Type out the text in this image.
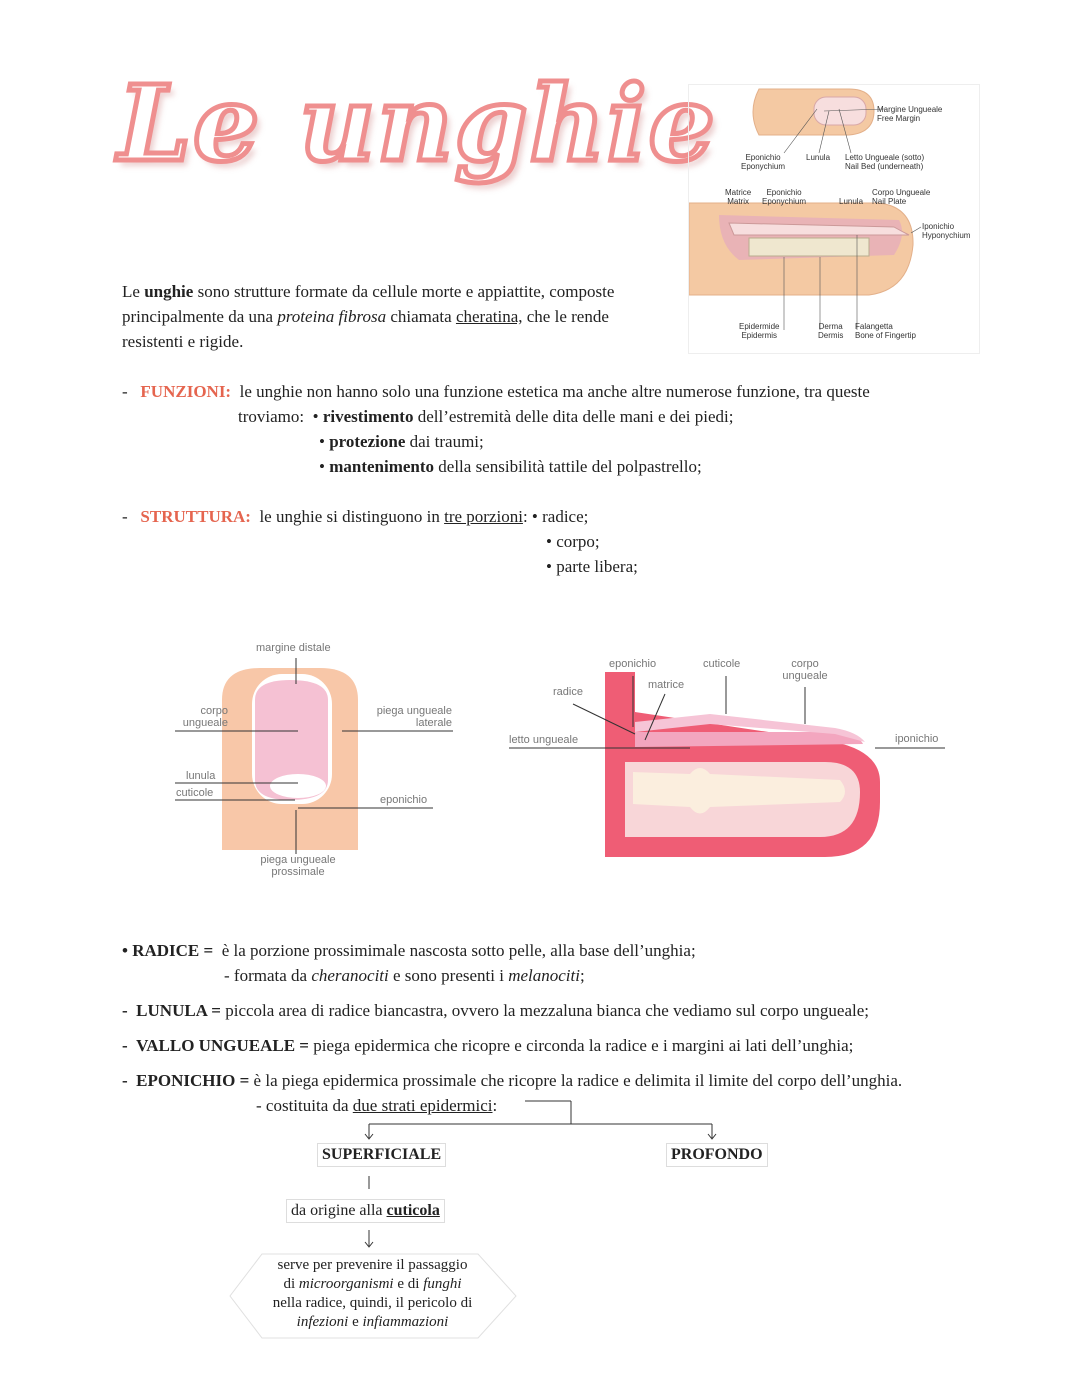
Le unghie	Margine Ungueale
Free Margin
Eponichio
Eponychium
Lunula Letto Ungueale (sotto)
Nail Bed (underneath)
Matrice
Matrix
Eponichio
Eponychium	Lunula
Corpo Ungueale
Nail Plate
Iponichio
Hyponychium
Epidermide
Epidermis
Derma
Dermis
Falangetta
Bone of Fingertip
Le unghie sono strutture formate da cellule morte e appiattite, composte
principalmente da una proteina fibrosa chiamata cheratina, che le rende
resistenti e rigide.
-   FUNZIONI: le unghie non hanno solo una funzione estetica ma anche altre numerose funzione, tra queste
troviamo:  • rivestimento dell’estremità delle dita delle mani e dei piedi;
• protezione dai traumi;
• mantenimento della sensibilità tattile del polpastrello;
-   STRUTTURA: le unghie si distinguono in tre porzioni: • radice;
• corpo;
• parte libera;
margine distale
corpo
ungueale
piega ungueale
laterale
lunula
cuticole
eponichio
piega ungueale
prossimale
eponichio	cuticole	corpo
ungueale
matrice
radice
letto ungueale	iponichio
• RADICE = è la porzione prossimimale nascosta sotto pelle, alla base dell’unghia;
- formata da cheranociti e sono presenti i melanociti;
- LUNULA = piccola area di radice biancastra, ovvero la mezzaluna bianca che vediamo sul corpo ungueale;
- VALLO UNGUEALE = piega epidermica che ricopre e circonda la radice e i margini ai lati dell’unghia;
- EPONICHIO = è la piega epidermica prossimale che ricopre la radice e delimita il limite del corpo dell’unghia.
- costituita da due strati epidermici:
SUPERFICIALE	PROFONDO
da origine alla cuticola
serve per prevenire il passaggio
di microorganismi e di funghi
nella radice, quindi, il pericolo di
infezioni e infiammazioni
